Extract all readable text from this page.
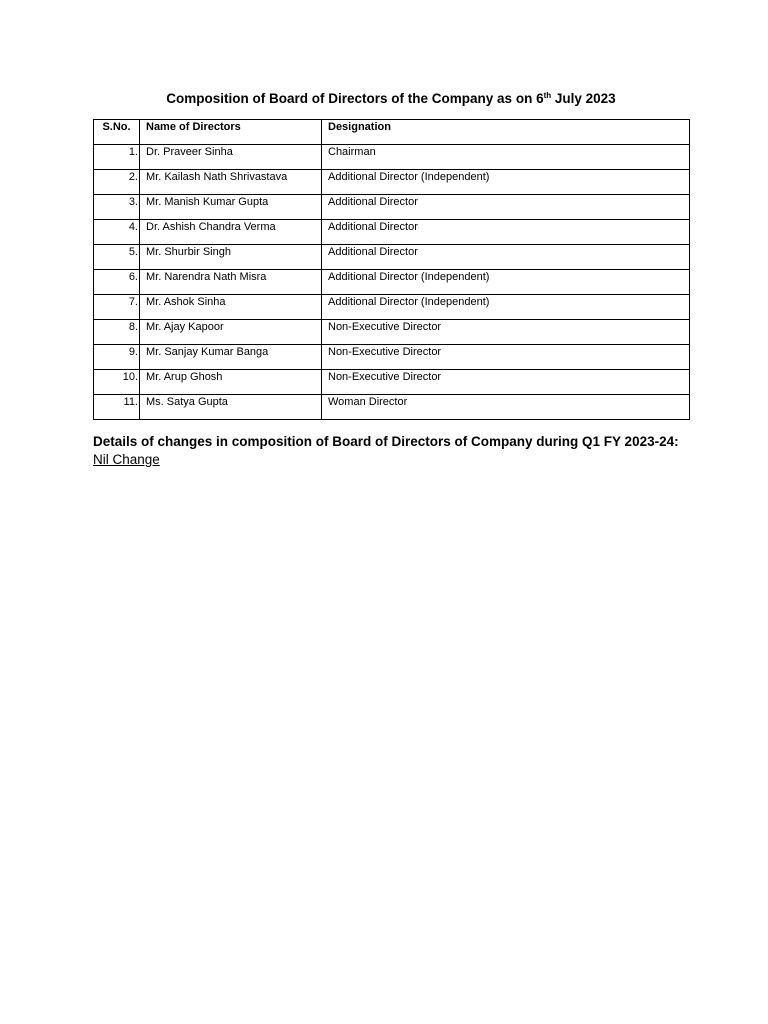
Composition of Board of Directors of the Company as on 6th July 2023
S.No.	Name of Directors	Designation
1.	Dr. Praveer Sinha	Chairman
2.	Mr. Kailash Nath Shrivastava	Additional Director (Independent)
3.	Mr. Manish Kumar Gupta	Additional Director
4.	Dr. Ashish Chandra Verma	Additional Director
5.	Mr. Shurbir Singh	Additional Director
6.	Mr. Narendra Nath Misra	Additional Director (Independent)
7.	Mr. Ashok Sinha	Additional Director (Independent)
8.	Mr. Ajay Kapoor	Non-Executive Director
9.	Mr. Sanjay Kumar Banga	Non-Executive Director
10.	Mr. Arup Ghosh	Non-Executive Director
11.	Ms. Satya Gupta	Woman Director
Details of changes in composition of Board of Directors of Company during Q1 FY 2023-24: Nil Change
